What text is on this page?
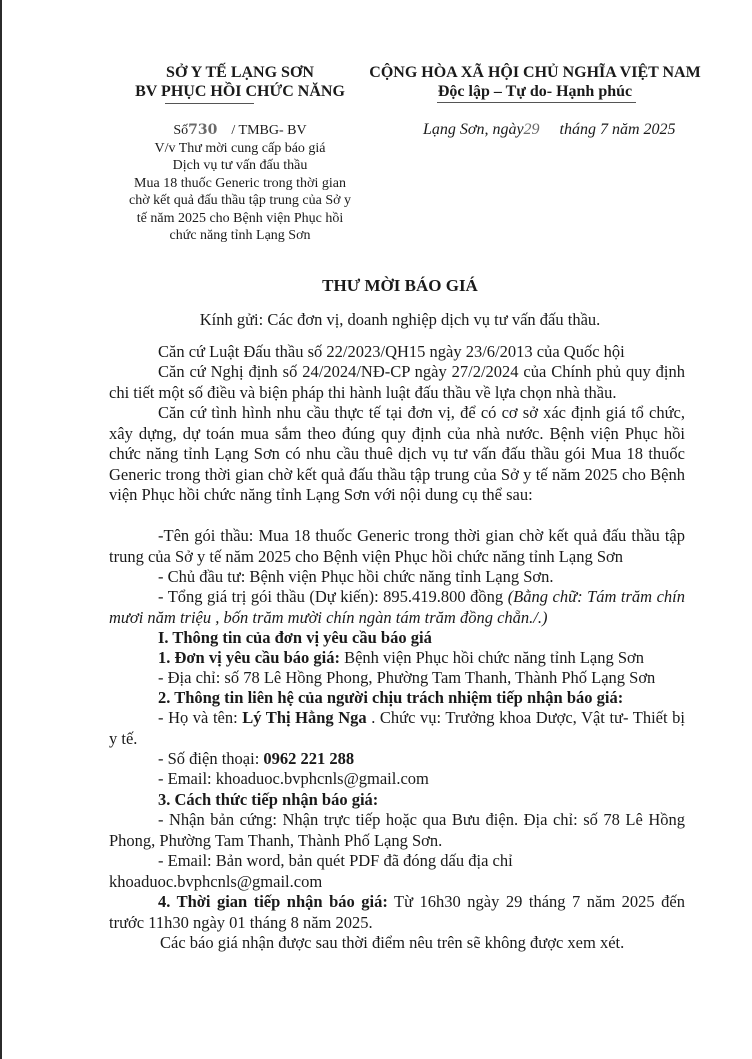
SỞ Y TẾ LẠNG SƠN
BV PHỤC HỒI CHỨC NĂNG
Số730 / TMBG- BV
V/v Thư mời cung cấp báo giá
Dịch vụ tư vấn đấu thầu
Mua 18 thuốc Generic trong thời gian
chờ kết quả đấu thầu tập trung của Sở y
tế năm 2025 cho Bệnh viện Phục hồi
chức năng tỉnh Lạng Sơn
CỘNG HÒA XÃ HỘI CHỦ NGHĨA VIỆT NAM
Độc lập – Tự do- Hạnh phúc
Lạng Sơn, ngày29 tháng 7 năm 2025
THƯ MỜI BÁO GIÁ
Kính gửi: Các đơn vị, doanh nghiệp dịch vụ tư vấn đấu thầu.
Căn cứ Luật Đấu thầu số 22/2023/QH15 ngày 23/6/2013 của Quốc hội
Căn cứ Nghị định số 24/2024/NĐ-CP ngày 27/2/2024 của Chính phủ quy định chi tiết một số điều và biện pháp thi hành luật đấu thầu về lựa chọn nhà thầu.
Căn cứ tình hình nhu cầu thực tế tại đơn vị, để có cơ sở xác định giá tổ chức, xây dựng, dự toán mua sắm theo đúng quy định của nhà nước. Bệnh viện Phục hồi chức năng tỉnh Lạng Sơn có nhu cầu thuê dịch vụ tư vấn đấu thầu gói Mua 18 thuốc Generic trong thời gian chờ kết quả đấu thầu tập trung của Sở y tế năm 2025 cho Bệnh viện Phục hồi chức năng tỉnh Lạng Sơn với nội dung cụ thể sau:
-Tên gói thầu: Mua 18 thuốc Generic trong thời gian chờ kết quả đấu thầu tập trung của Sở y tế năm 2025 cho Bệnh viện Phục hồi chức năng tỉnh Lạng Sơn
- Chủ đầu tư: Bệnh viện Phục hồi chức năng tỉnh Lạng Sơn.
- Tổng giá trị gói thầu (Dự kiến): 895.419.800 đồng (Bằng chữ: Tám trăm chín mươi năm triệu , bốn trăm mười chín ngàn tám trăm đồng chẵn./.)
I. Thông tin của đơn vị yêu cầu báo giá
1. Đơn vị yêu cầu báo giá: Bệnh viện Phục hồi chức năng tỉnh Lạng Sơn
- Địa chỉ: số 78 Lê Hồng Phong, Phường Tam Thanh, Thành Phố Lạng Sơn
2. Thông tin liên hệ của người chịu trách nhiệm tiếp nhận báo giá:
- Họ và tên: Lý Thị Hằng Nga . Chức vụ: Trưởng khoa Dược, Vật tư- Thiết bị y tế.
- Số điện thoại: 0962 221 288
- Email: khoaduoc.bvphcnls@gmail.com
3. Cách thức tiếp nhận báo giá:
- Nhận bản cứng: Nhận trực tiếp hoặc qua Bưu điện. Địa chỉ: số 78 Lê Hồng Phong, Phường Tam Thanh, Thành Phố Lạng Sơn.
- Email: Bản word, bản quét PDF đã đóng dấu địa chỉ khoaduoc.bvphcnls@gmail.com
4. Thời gian tiếp nhận báo giá: Từ 16h30 ngày 29 tháng 7 năm 2025 đến trước 11h30 ngày 01 tháng 8 năm 2025.
Các báo giá nhận được sau thời điểm nêu trên sẽ không được xem xét.
